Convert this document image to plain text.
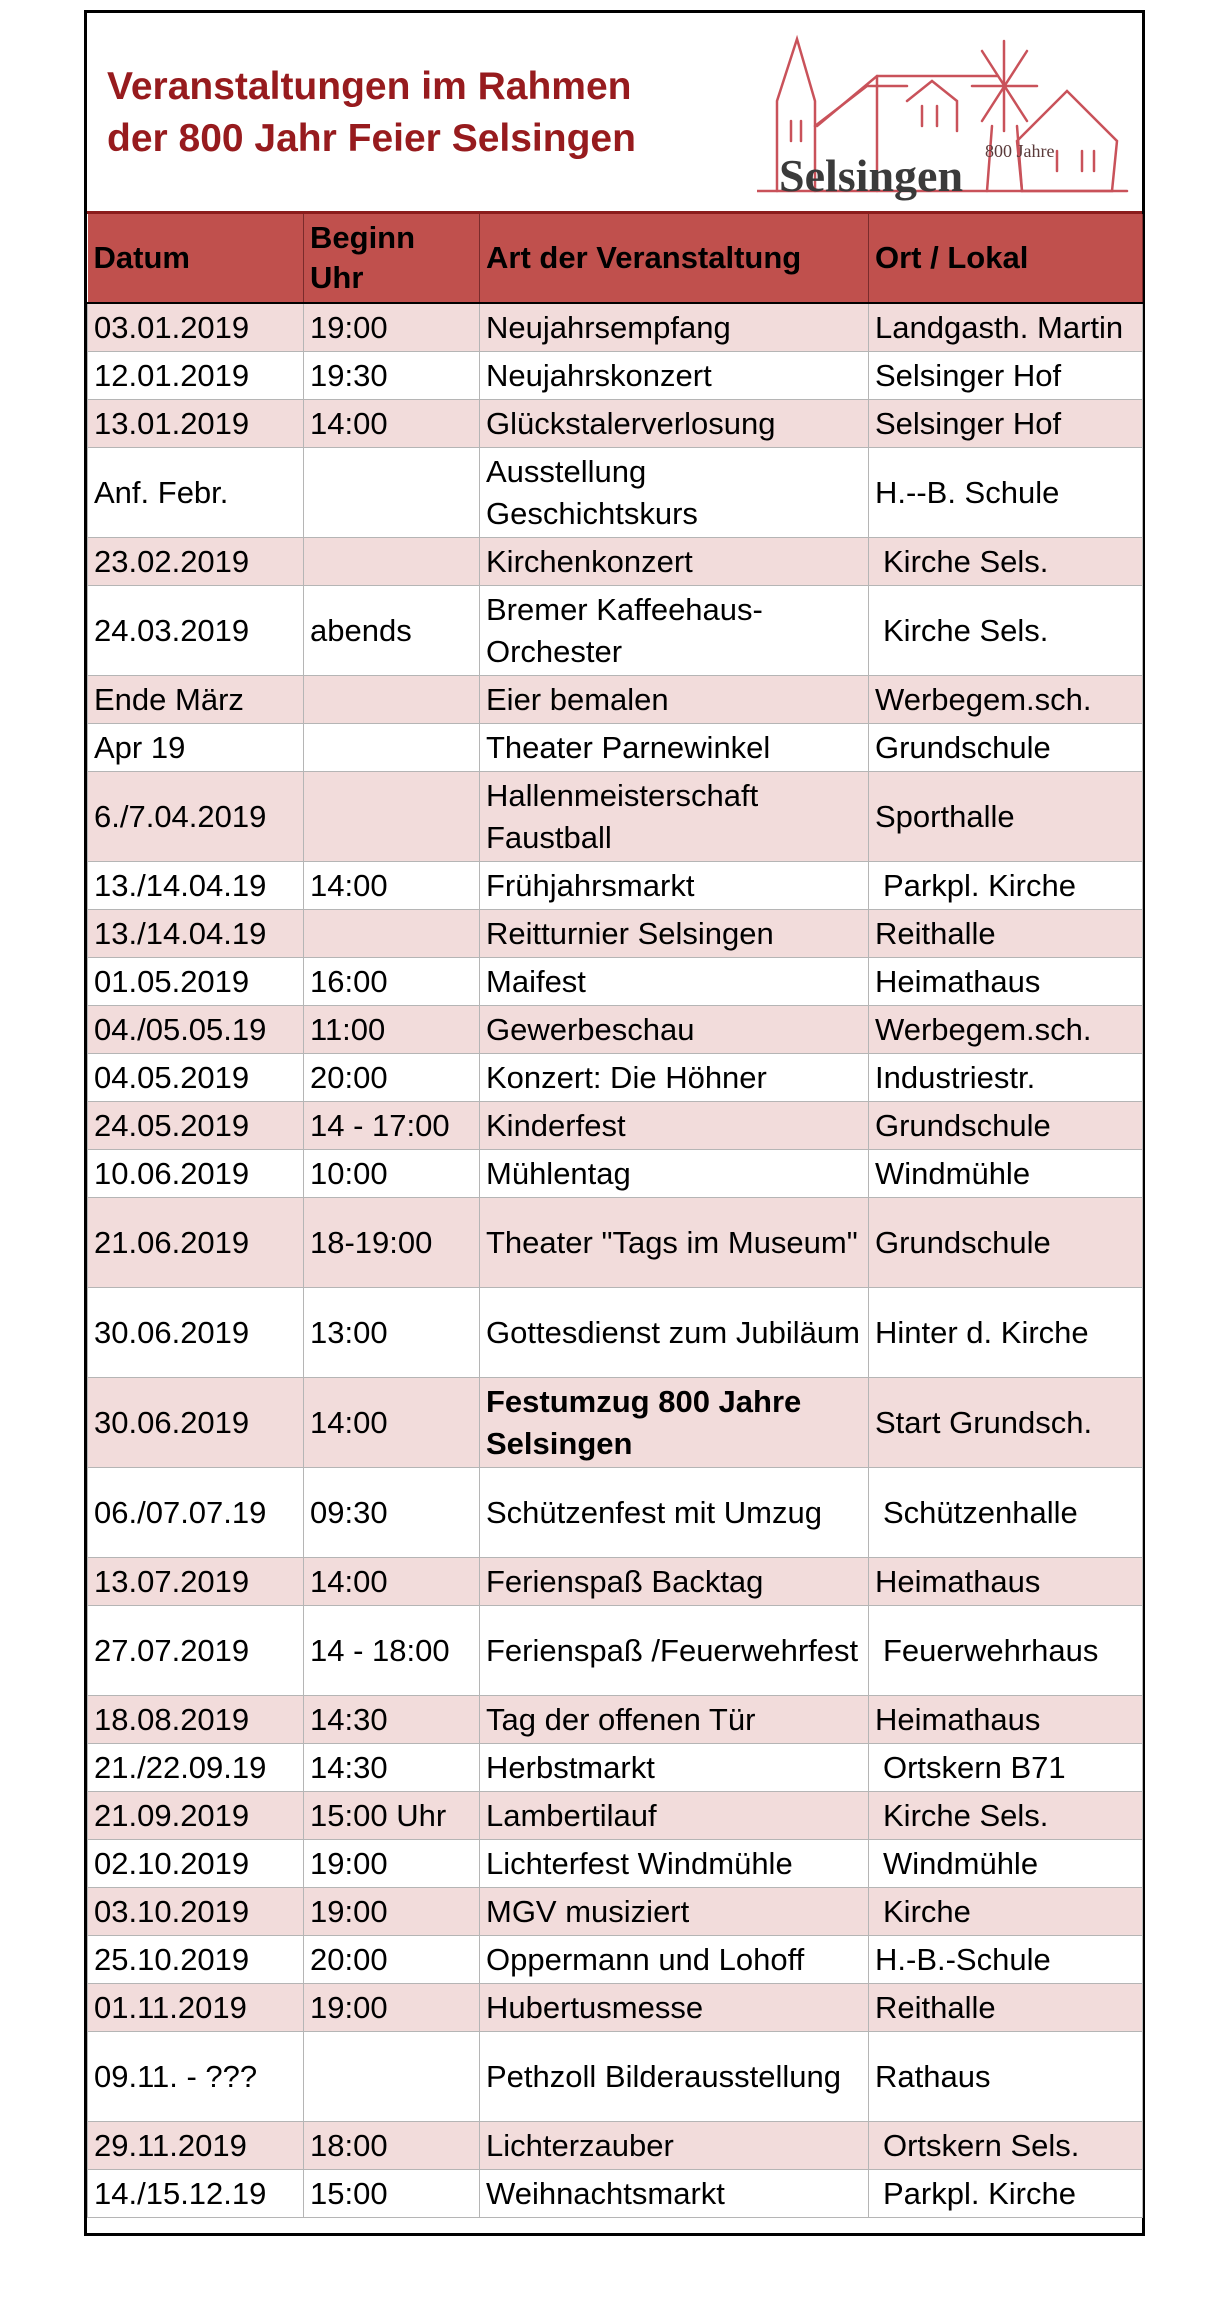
Veranstaltungen im Rahmen
der 800 Jahr Feier Selsingen	800 Jahre
Selsingen
Datum	Beginn Uhr	Art der Veranstaltung	Ort / Lokal
03.01.2019	19:00	Neujahrsempfang	Landgasth. Martin
12.01.2019	19:30	Neujahrskonzert	Selsinger Hof
13.01.2019	14:00	Glückstalerverlosung	Selsinger Hof
Anf. Febr.		Ausstellung Geschichtskurs	H.--B. Schule
23.02.2019		Kirchenkonzert	Kirche Sels.
24.03.2019	abends	Bremer Kaffeehaus-Orchester	Kirche Sels.
Ende März		Eier bemalen	Werbegem.sch.
Apr 19		Theater Parnewinkel	Grundschule
6./7.04.2019		Hallenmeisterschaft Faustball	Sporthalle
13./14.04.19	14:00	Frühjahrsmarkt	Parkpl. Kirche
13./14.04.19		Reitturnier Selsingen	Reithalle
01.05.2019	16:00	Maifest	Heimathaus
04./05.05.19	11:00	Gewerbeschau	Werbegem.sch.
04.05.2019	20:00	Konzert: Die Höhner	Industriestr.
24.05.2019	14 - 17:00	Kinderfest	Grundschule
10.06.2019	10:00	Mühlentag	Windmühle
21.06.2019	18-19:00	Theater "Tags im Museum"	Grundschule
30.06.2019	13:00	Gottesdienst zum Jubiläum	Hinter d. Kirche
30.06.2019	14:00	Festumzug 800 Jahre Selsingen	Start Grundsch.
06./07.07.19	09:30	Schützenfest mit Umzug	Schützenhalle
13.07.2019	14:00	Ferienspaß Backtag	Heimathaus
27.07.2019	14 - 18:00	Ferienspaß /Feuerwehrfest	Feuerwehrhaus
18.08.2019	14:30	Tag der offenen Tür	Heimathaus
21./22.09.19	14:30	Herbstmarkt	Ortskern B71
21.09.2019	15:00 Uhr	Lambertilauf	Kirche Sels.
02.10.2019	19:00	Lichterfest Windmühle	Windmühle
03.10.2019	19:00	MGV musiziert	Kirche
25.10.2019	20:00	Oppermann und Lohoff	H.-B.-Schule
01.11.2019	19:00	Hubertusmesse	Reithalle
09.11. - ???		Pethzoll Bilderausstellung	Rathaus
29.11.2019	18:00	Lichterzauber	Ortskern Sels.
14./15.12.19	15:00	Weihnachtsmarkt	Parkpl. Kirche
